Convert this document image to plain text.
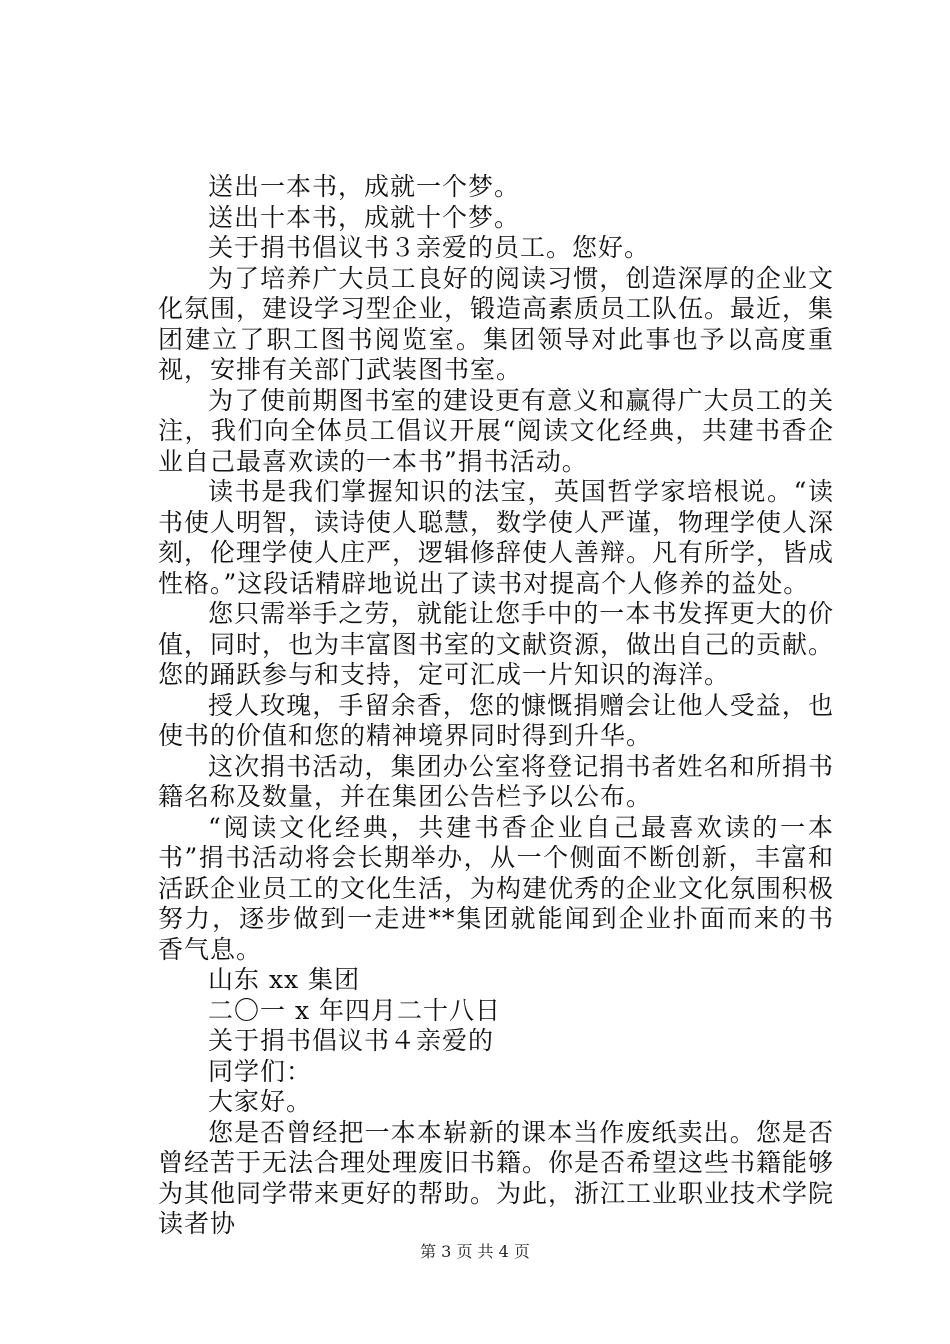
送出一本书，成就一个梦。

送出十本书，成就十个梦。

关于捐书倡议书３亲爱的员工。您好。

为了培养广大员工良好的阅读习惯，创造深厚的企业文化氛围，建设学习型企业，锻造高素质员工队伍。最近，集团建立了职工图书阅览室。集团领导对此事也予以高度重视，安排有关部门武装图书室。

为了使前期图书室的建设更有意义和赢得广大员工的关注，我们向全体员工倡议开展“阅读文化经典，共建书香企业自己最喜欢读的一本书”捐书活动。

读书是我们掌握知识的法宝，英国哲学家培根说。“读书使人明智，读诗使人聪慧，数学使人严谨，物理学使人深刻，伦理学使人庄严，逻辑修辞使人善辩。凡有所学，皆成性格。”这段话精辟地说出了读书对提高个人修养的益处。

您只需举手之劳，就能让您手中的一本书发挥更大的价值，同时，也为丰富图书室的文献资源，做出自己的贡献。您的踊跃参与和支持，定可汇成一片知识的海洋。

授人玫瑰，手留余香，您的慷慨捐赠会让他人受益，也使书的价值和您的精神境界同时得到升华。

这次捐书活动，集团办公室将登记捐书者姓名和所捐书籍名称及数量，并在集团公告栏予以公布。

“阅读文化经典，共建书香企业自己最喜欢读的一本书”捐书活动将会长期举办，从一个侧面不断创新，丰富和活跃企业员工的文化生活，为构建优秀的企业文化氛围积极努力，逐步做到一走进**集团就能闻到企业扑面而来的书香气息。

山东 xx 集团

二〇一 x 年四月二十八日

关于捐书倡议书４亲爱的

同学们：

大家好。

您是否曾经把一本本崭新的课本当作废纸卖出。您是否曾经苦于无法合理处理废旧书籍。你是否希望这些书籍能够为其他同学带来更好的帮助。为此，浙江工业职业技术学院读者协

第 3 页 共 4 页
